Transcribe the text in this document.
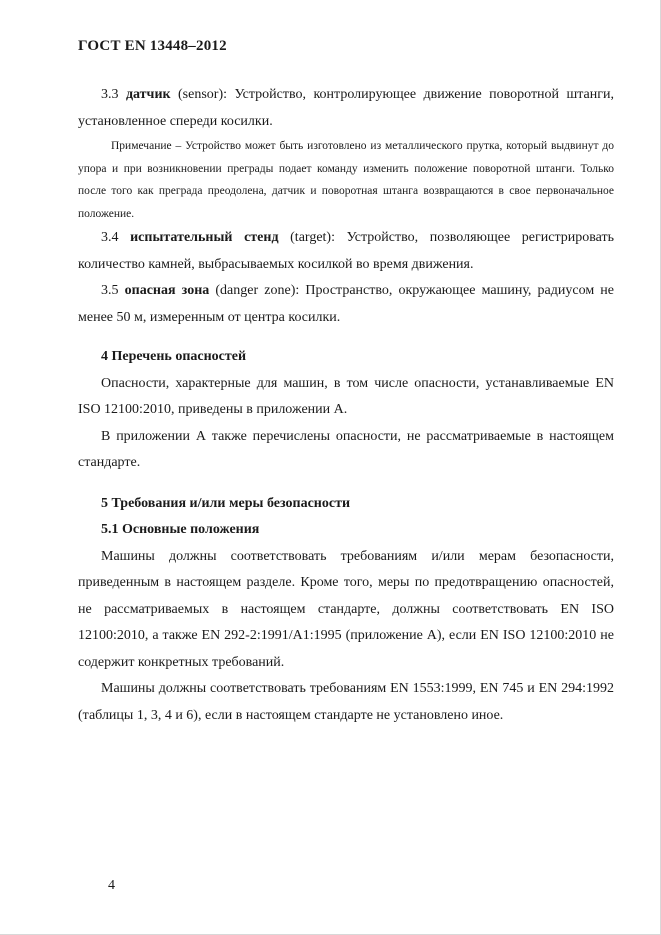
ГОСТ EN 13448–2012

3.3 датчик (sensor): Устройство, контролирующее движение поворотной штанги, установленное спереди косилки.

Примечание – Устройство может быть изготовлено из металлического прутка, который выдвинут до упора и при возникновении преграды подает команду изменить положение поворотной штанги. Только после того как преграда преодолена, датчик и поворотная штанга возвращаются в свое первоначальное положение.

3.4 испытательный стенд (target): Устройство, позволяющее регистрировать количество камней, выбрасываемых косилкой во время движения.

3.5 опасная зона (danger zone): Пространство, окружающее машину, радиусом не менее 50 м, измеренным от центра косилки.

4 Перечень опасностей

Опасности, характерные для машин, в том числе опасности, устанавливаемые EN ISO 12100:2010, приведены в приложении А.

В приложении А также перечислены опасности, не рассматриваемые в настоящем стандарте.

5 Требования и/или меры безопасности

5.1 Основные положения

Машины должны соответствовать требованиям и/или мерам безопасности, приведенным в настоящем разделе. Кроме того, меры по предотвращению опасностей, не рассматриваемых в настоящем стандарте, должны соответствовать EN ISO 12100:2010, а также EN 292-2:1991/A1:1995 (приложение А), если EN ISO 12100:2010 не содержит конкретных требований.

Машины должны соответствовать требованиям EN 1553:1999, EN 745 и EN 294:1992 (таблицы 1, 3, 4 и 6), если в настоящем стандарте не установлено иное.

4
